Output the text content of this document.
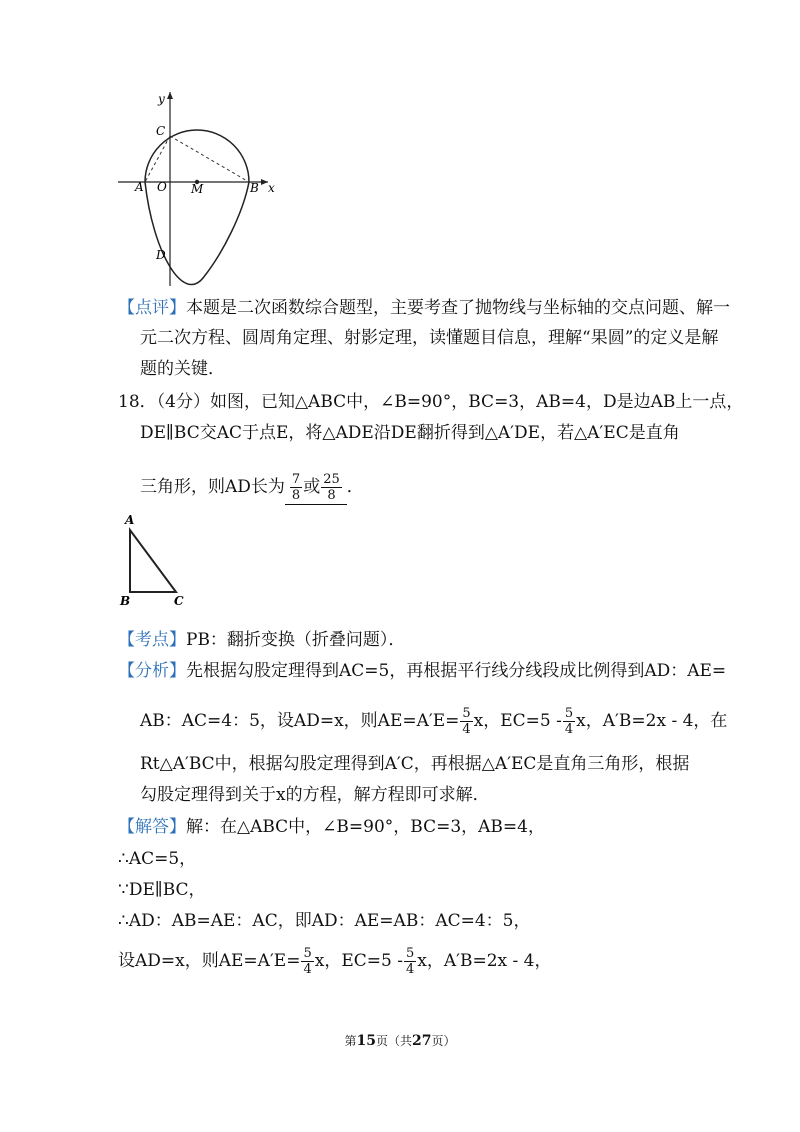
y
x
C
A O M	B
D
【点评】本题是二次函数综合题型，主要考查了抛物线与坐标轴的交点问题、解一
元二次方程、圆周角定理、射影定理，读懂题目信息，理解“果圆”的定义是解
题的关键．
18．（4分）如图，已知△ABC中，∠B=90°，BC=3，AB=4，D是边AB上一点，
DE∥BC交AC于点E，将△ADE沿DE翻折得到△A′DE，若△A′EC是直角
三角形，则AD长为 $\frac{7}{8}$ 或 $\frac{25}{8}$ ．
A
B	C
【考点】PB：翻折变换（折叠问题）．
【分析】先根据勾股定理得到AC=5，再根据平行线分线段成比例得到AD：AE=
AB：AC=4：5，设AD=x，则$AE=A'E= \frac{5}{4}$ x，$EC=5 - \frac{5}{4}$ x，A′B=2x - 4，在
Rt△A′BC中，根据勾股定理得到A′C，再根据△A′EC是直角三角形，根据
勾股定理得到关于x的方程，解方程即可求解．
【解答】解：在△ABC中，∠B=90°，BC=3，AB=4，
∴AC=5，
∵DE∥BC，
∴AD：AB=AE：AC，即AD：AE=AB：AC=4：5，
设AD=x，则$AE=A'E= \frac{5}{4}$ x，$EC=5 - \frac{5}{4}$ x，A′B=2x - 4，
第15页（共27页）
